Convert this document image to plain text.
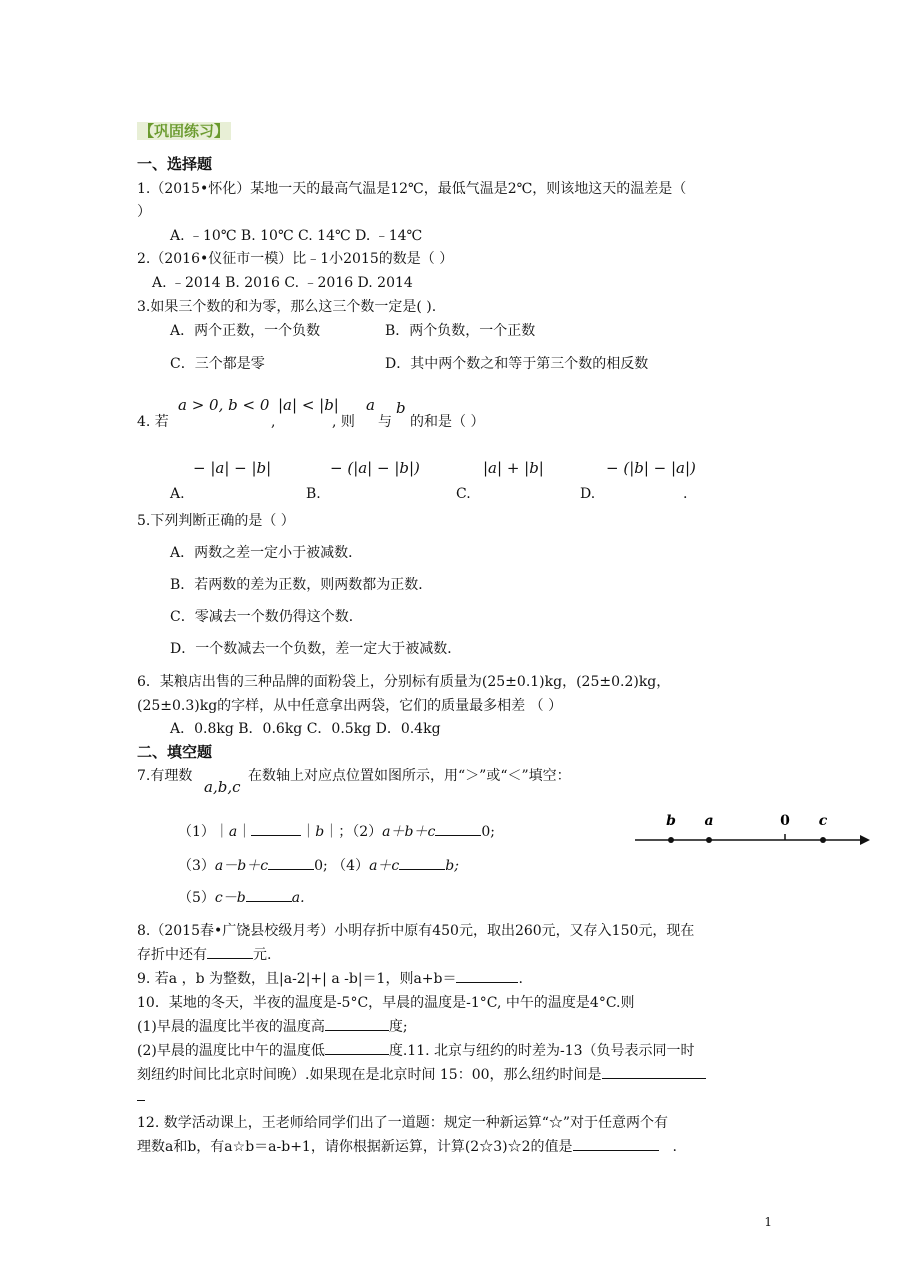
【巩固练习】
一、选择题
1.（2015•怀化）某地一天的最高气温是12℃，最低气温是2℃，则该地这天的温差是（
）
A. ﹣10℃ B. 10℃ C. 14℃ D. ﹣14℃
2.（2016•仪征市一模）比﹣1小2015的数是（ ）
A. ﹣2014 B. 2016 C. ﹣2016 D. 2014
3.如果三个数的和为零，那么这三个数一定是( ).
A．两个正数，一个负数	B．两个负数，一个正数
C．三个都是零	D．其中两个数之和等于第三个数的相反数
a > 0, b < 0 |a| < |b| a b
4. 若	,	, 则 与 的和是（ ）
− |a| − |b|	− (|a| − |b|)	|a| + |b|	− (|b| − |a|)
A.	B.	C.	D.	.
5.下列判断正确的是（ ）
A．两数之差一定小于被减数．
B．若两数的差为正数，则两数都为正数．
C．零减去一个数仍得这个数．
D．一个数减去一个负数，差一定大于被减数．
6．某粮店出售的三种品牌的面粉袋上，分别标有质量为(25±0.1)kg，(25±0.2)kg，
(25±0.3)kg的字样，从中任意拿出两袋，它们的质量最多相差 （ ）
A．0.8kg B．0.6kg C．0.5kg D．0.4kg
二、填空题
7.有理数
a,b,c
在数轴上对应点位置如图所示，用“＞”或“＜”填空：
（1）｜a｜	｜b｜；（2）a＋b＋c	0;
（3）a－b＋c	0; （4）a＋c	b;
（5）c－b	a.
b a	0 c
8.（2015春•广饶县校级月考）小明存折中原有450元，取出260元，又存入150元，现在
存折中还有	元.
9. 若a ，b 为整数，且|a-2|+| a -b|＝1，则a+b＝	.
10．某地的冬天，半夜的温度是-5°C，早晨的温度是-1°C, 中午的温度是4°C.则
(1)早晨的温度比半夜的温度高	度;
(2)早晨的温度比中午的温度低	度.11. 北京与纽约的时差为-13（负号表示同一时
刻纽约时间比北京时间晚）.如果现在是北京时间 15：00，那么纽约时间是
12. 数学活动课上，王老师给同学们出了一道题：规定一种新运算“☆”对于任意两个有
理数a和b，有a☆b＝a-b+1，请你根据新运算，计算(2☆3)☆2的值是	.
1
